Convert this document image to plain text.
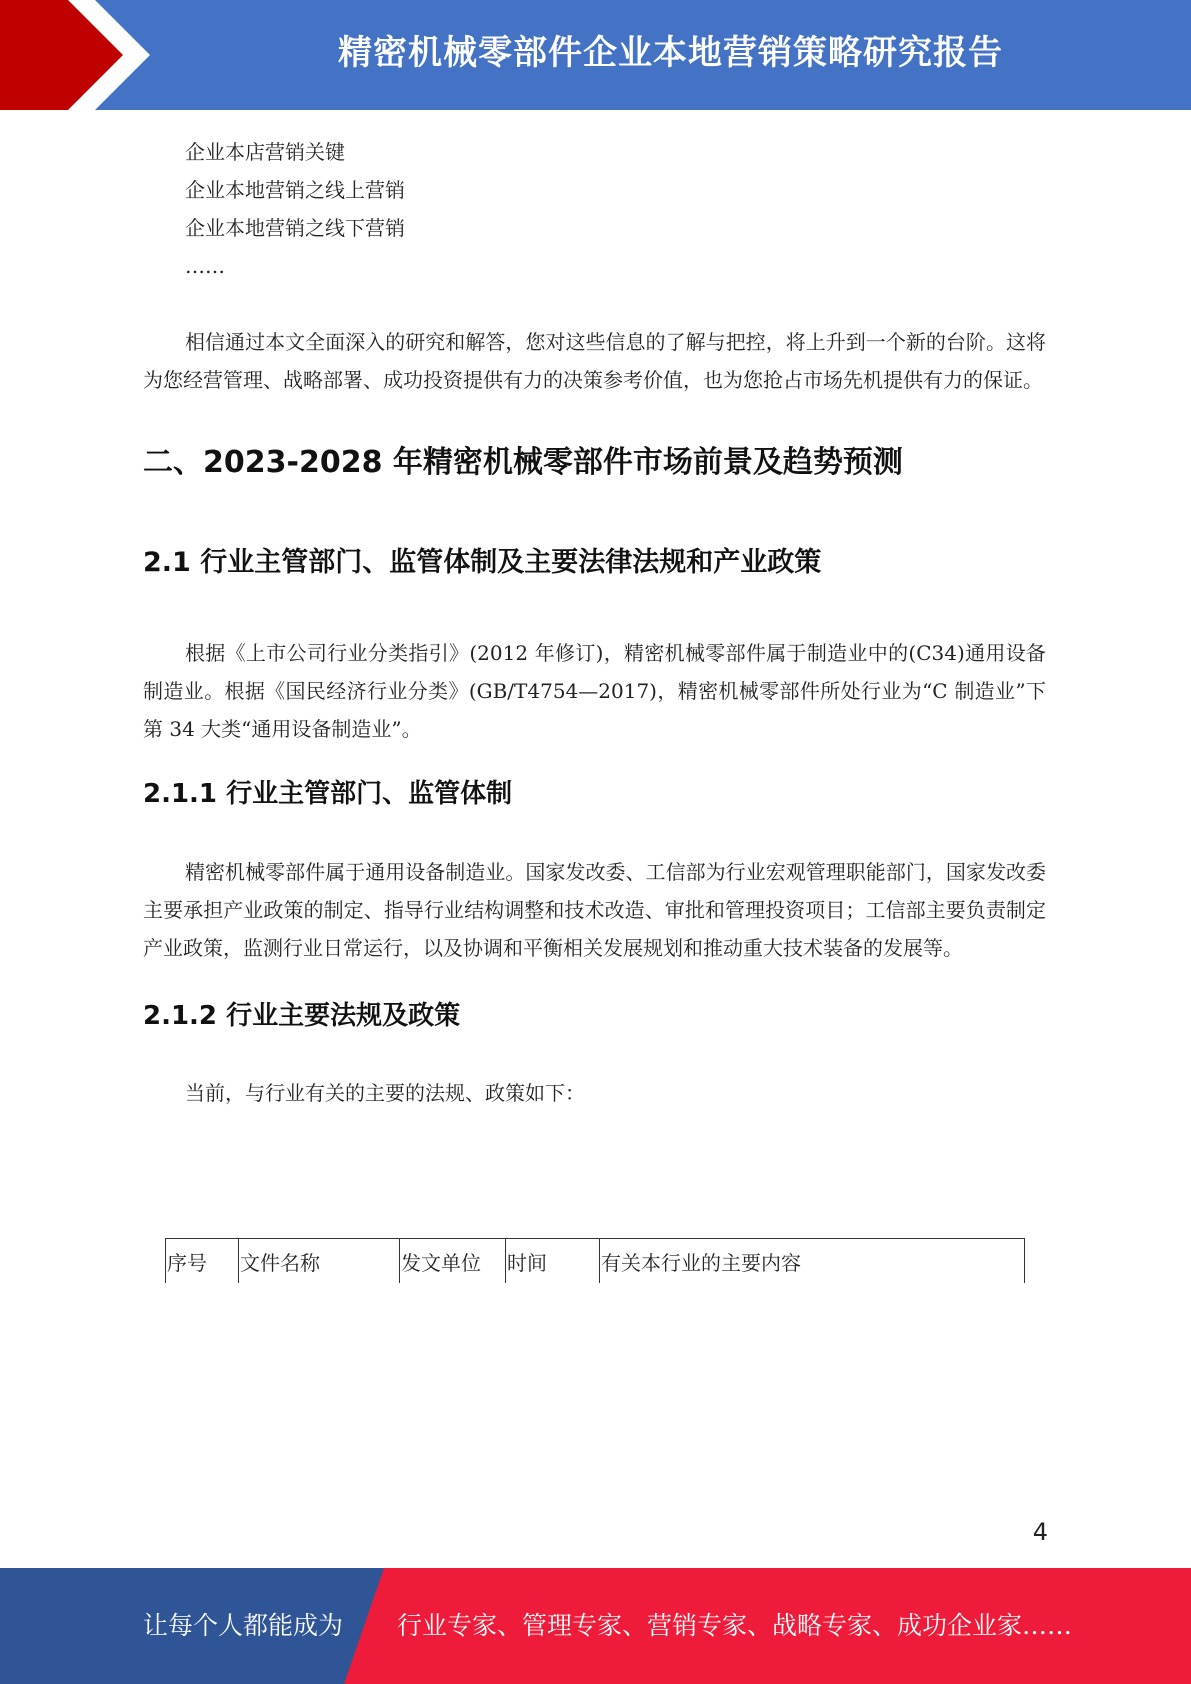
精密机械零部件企业本地营销策略研究报告

企业本店营销关键

企业本地营销之线上营销

企业本地营销之线下营销

……

相信通过本文全面深入的研究和解答，您对这些信息的了解与把控，将上升到一个新的台阶。这将为您经营管理、战略部署、成功投资提供有力的决策参考价值，也为您抢占市场先机提供有力的保证。

二、2023-2028 年精密机械零部件市场前景及趋势预测
2.1 行业主管部门、监管体制及主要法律法规和产业政策

根据《上市公司行业分类指引》(2012 年修订)，精密机械零部件属于制造业中的(C34)通用设备制造业。根据《国民经济行业分类》(GB/T4754—2017)，精密机械零部件所处行业为“C 制造业”下第 34 大类“通用设备制造业”。

2.1.1 行业主管部门、监管体制

精密机械零部件属于通用设备制造业。国家发改委、工信部为行业宏观管理职能部门，国家发改委主要承担产业政策的制定、指导行业结构调整和技术改造、审批和管理投资项目；工信部主要负责制定产业政策，监测行业日常运行，以及协调和平衡相关发展规划和推动重大技术装备的发展等。

2.1.2 行业主要法规及政策

当前，与行业有关的主要的法规、政策如下：

序号	文件名称	发文单位	时间	有关本行业的主要内容
4
让每个人都能成为 行业专家、管理专家、营销专家、战略专家、成功企业家……
